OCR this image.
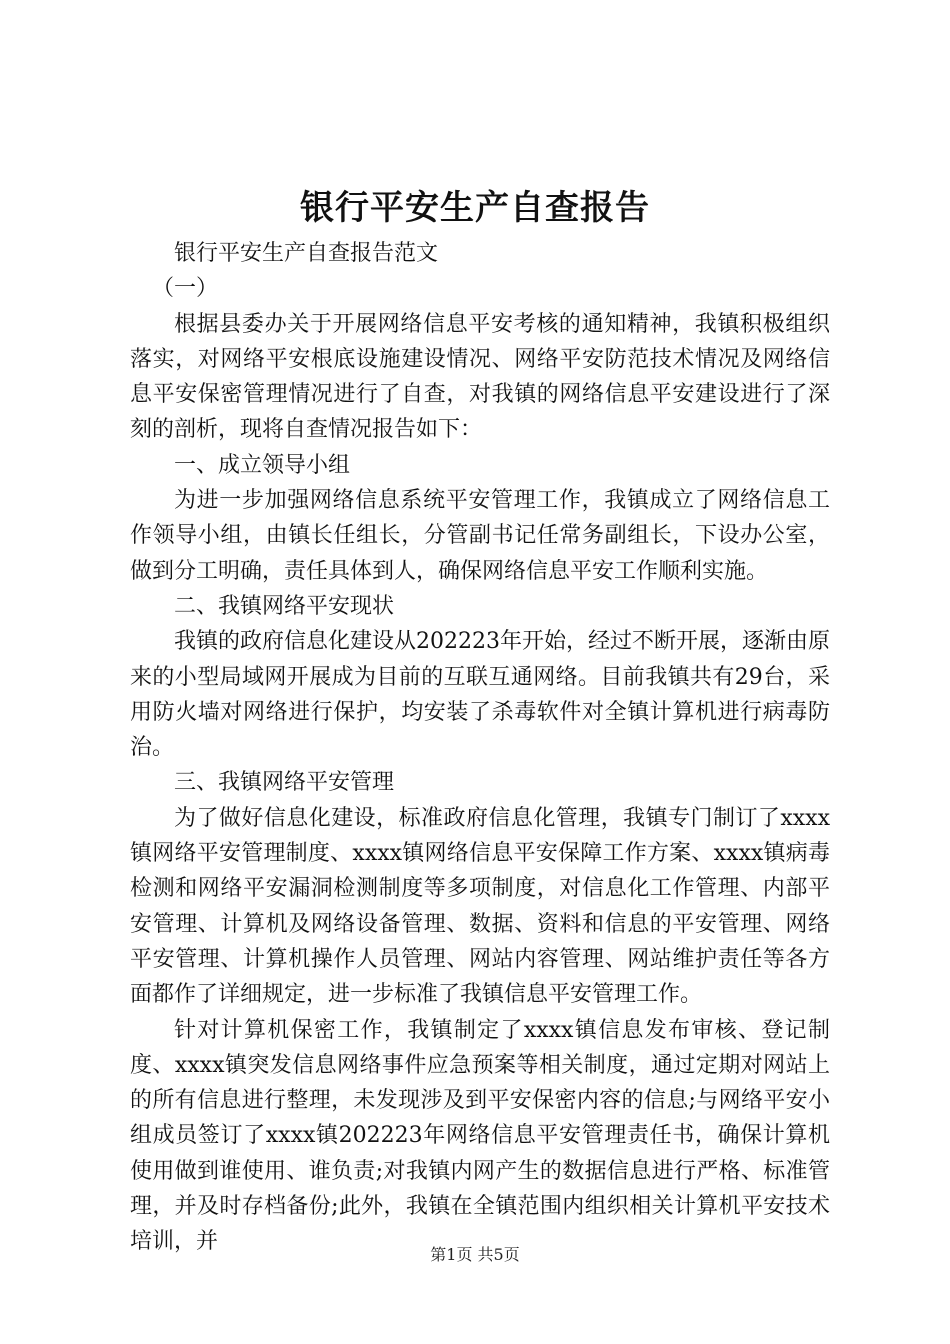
银行平安生产自查报告

银行平安生产自查报告范文

（一）

根据县委办关于开展网络信息平安考核的通知精神，我镇积极组织落实，对网络平安根底设施建设情况、网络平安防范技术情况及网络信息平安保密管理情况进行了自查，对我镇的网络信息平安建设进行了深刻的剖析，现将自查情况报告如下：

一、成立领导小组

为进一步加强网络信息系统平安管理工作，我镇成立了网络信息工作领导小组，由镇长任组长，分管副书记任常务副组长，下设办公室，做到分工明确，责任具体到人，确保网络信息平安工作顺利实施。

二、我镇网络平安现状

我镇的政府信息化建设从202223年开始，经过不断开展，逐渐由原来的小型局域网开展成为目前的互联互通网络。目前我镇共有29台，采用防火墙对网络进行保护，均安装了杀毒软件对全镇计算机进行病毒防治。

三、我镇网络平安管理

为了做好信息化建设，标准政府信息化管理，我镇专门制订了xxxx镇网络平安管理制度、xxxx镇网络信息平安保障工作方案、xxxx镇病毒检测和网络平安漏洞检测制度等多项制度，对信息化工作管理、内部平安管理、计算机及网络设备管理、数据、资料和信息的平安管理、网络平安管理、计算机操作人员管理、网站内容管理、网站维护责任等各方面都作了详细规定，进一步标准了我镇信息平安管理工作。

针对计算机保密工作，我镇制定了xxxx镇信息发布审核、登记制度、xxxx镇突发信息网络事件应急预案等相关制度，通过定期对网站上的所有信息进行整理，未发现涉及到平安保密内容的信息;与网络平安小组成员签订了xxxx镇202223年网络信息平安管理责任书，确保计算机使用做到谁使用、谁负责;对我镇内网产生的数据信息进行严格、标准管理，并及时存档备份;此外，我镇在全镇范围内组织相关计算机平安技术培训，并

第1页 共5页
